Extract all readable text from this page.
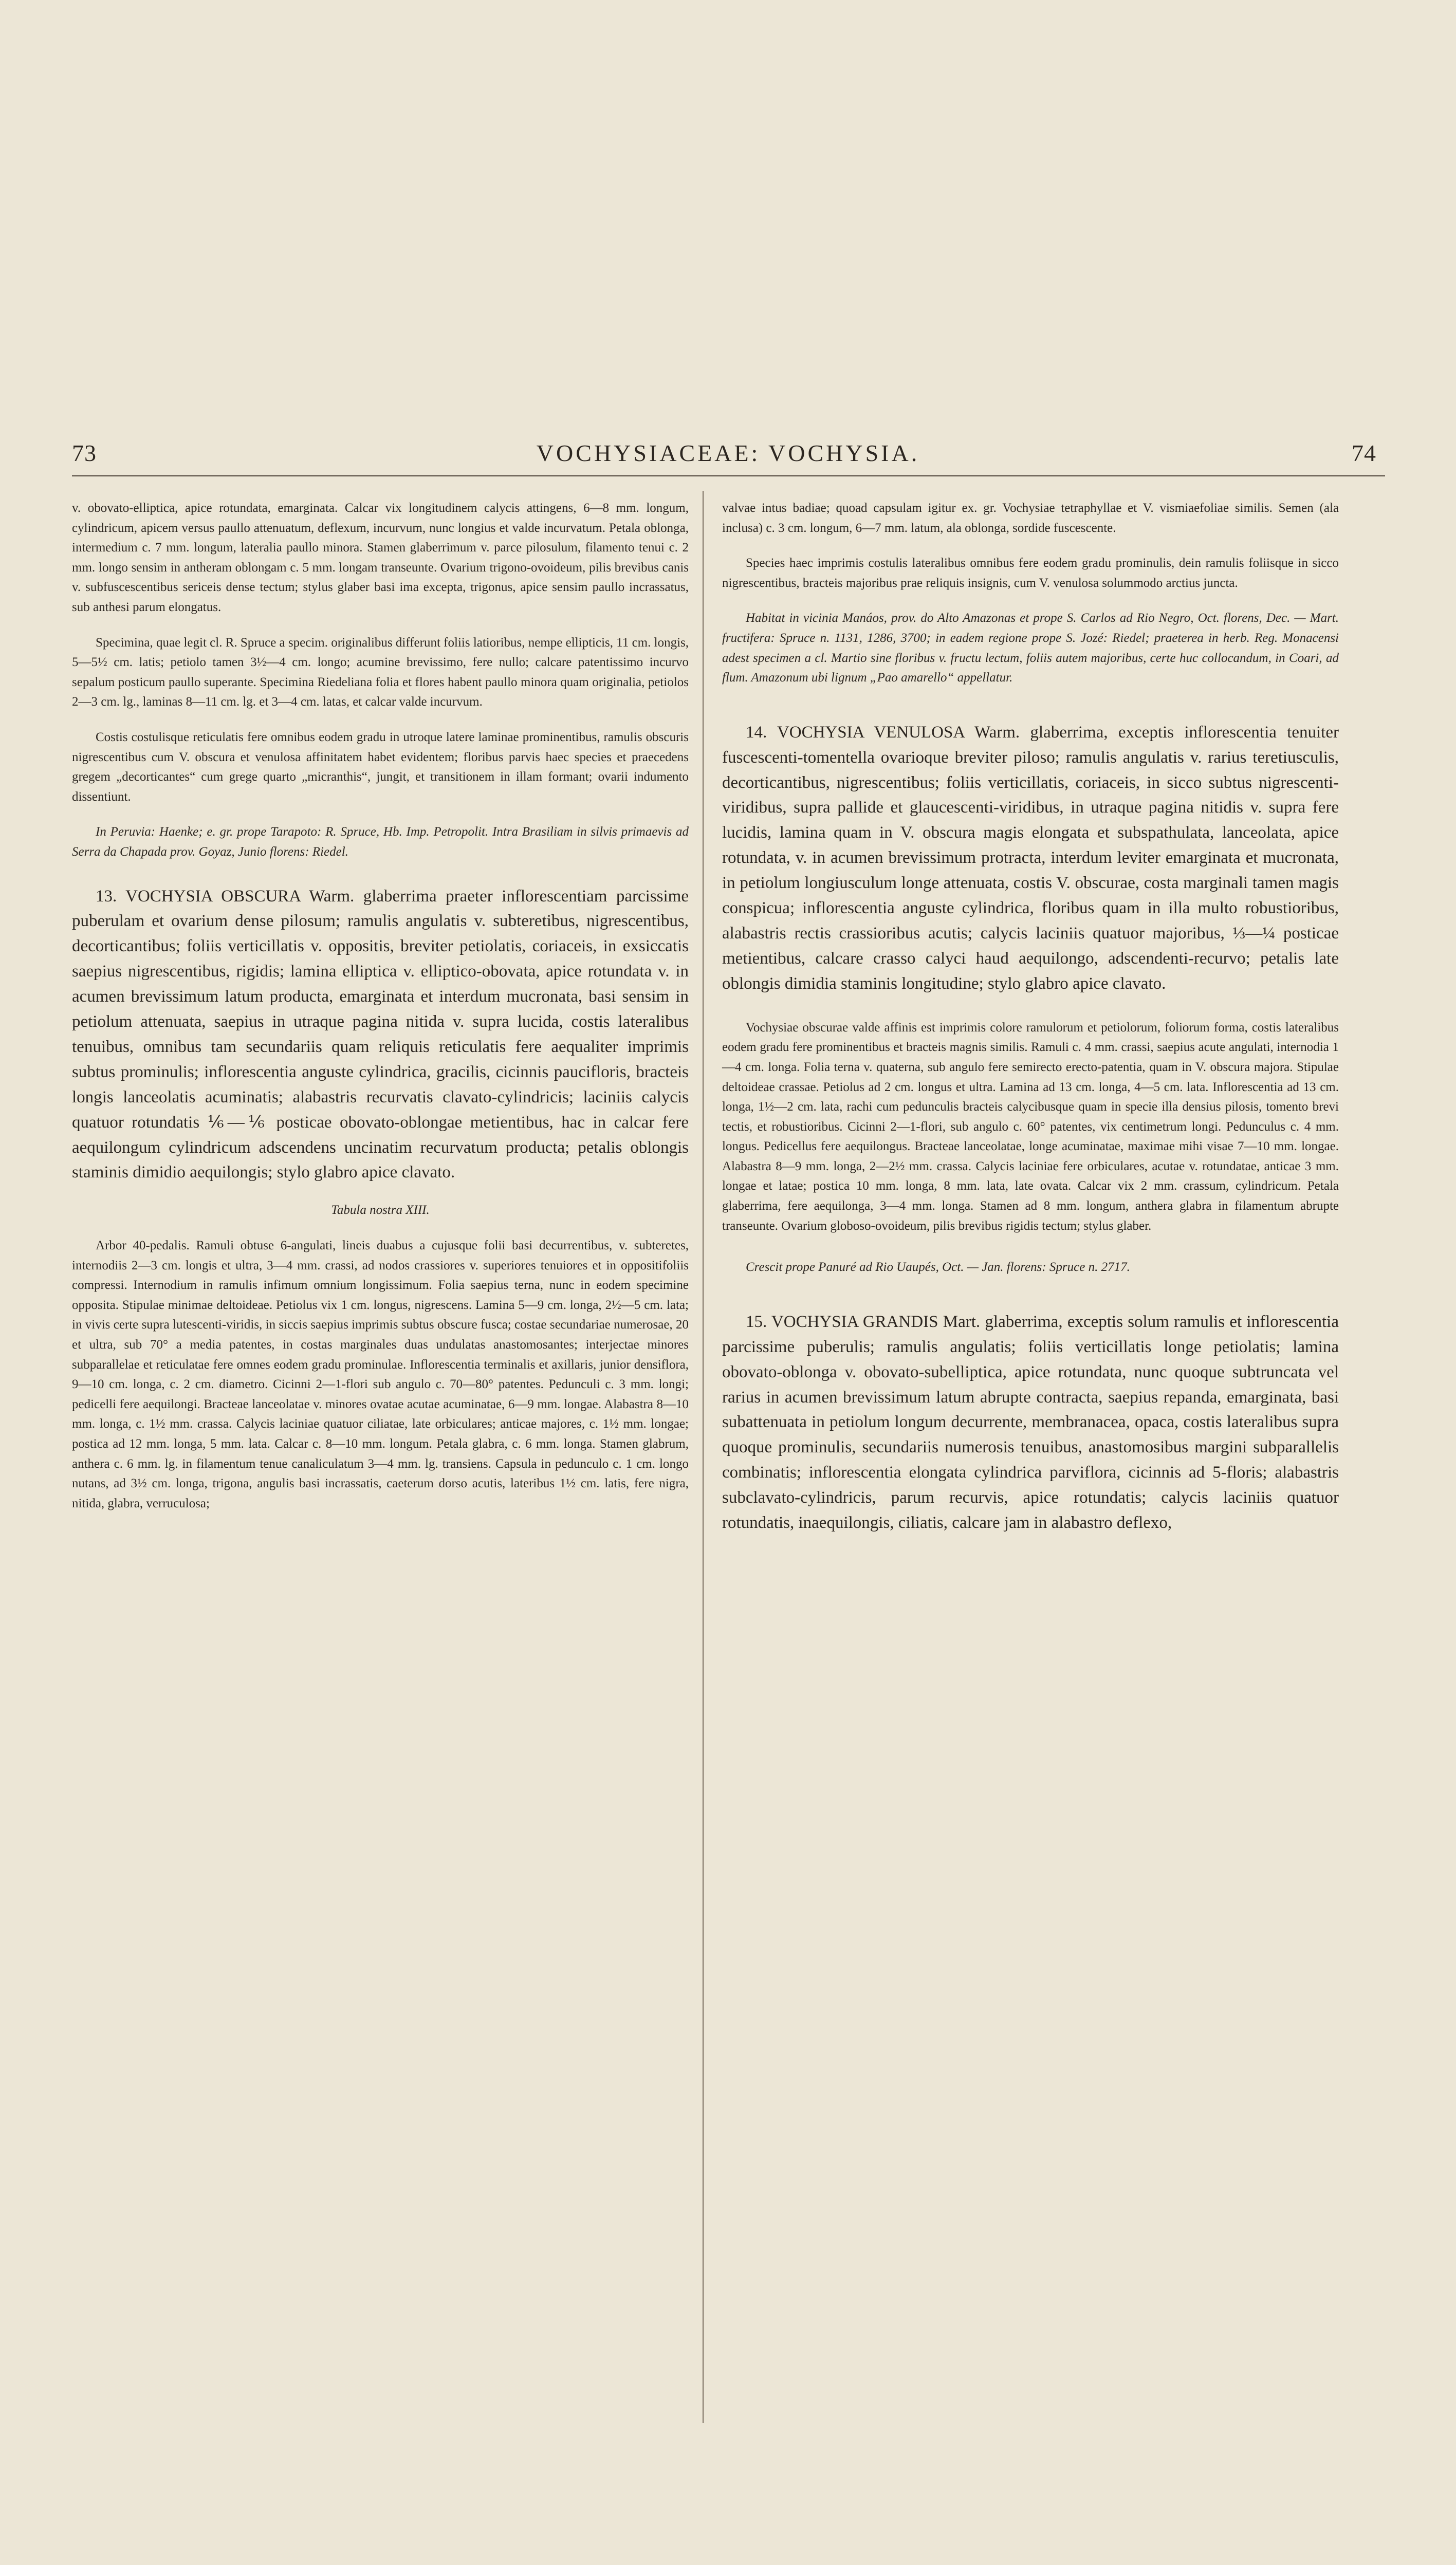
73	VOCHYSIACEAE: VOCHYSIA.	74

v. obovato-elliptica, apice rotundata, emarginata. Calcar vix longitudinem calycis attingens, 6—8 mm. longum, cylindricum, apicem versus paullo attenuatum, deflexum, incurvum, nunc longius et valde incurvatum. Petala oblonga, intermedium c. 7 mm. longum, lateralia paullo minora. Stamen glaberrimum v. parce pilosulum, filamento tenui c. 2 mm. longo sensim in antheram oblongam c. 5 mm. longam transeunte. Ovarium trigono-ovoideum, pilis brevibus canis v. subfuscescentibus sericeis dense tectum; stylus glaber basi ima excepta, trigonus, apice sensim paullo incrassatus, sub anthesi parum elongatus.

Specimina, quae legit cl. R. Spruce a specim. originalibus differunt foliis latioribus, nempe ellipticis, 11 cm. longis, 5—5½ cm. latis; petiolo tamen 3½—4 cm. longo; acumine brevissimo, fere nullo; calcare patentissimo incurvo sepalum posticum paullo superante. Specimina Riedeliana folia et flores habent paullo minora quam originalia, petiolos 2—3 cm. lg., laminas 8—11 cm. lg. et 3—4 cm. latas, et calcar valde incurvum.

Costis costulisque reticulatis fere omnibus eodem gradu in utroque latere laminae prominentibus, ramulis obscuris nigrescentibus cum V. obscura et venulosa affinitatem habet evidentem; floribus parvis haec species et praecedens gregem „decorticantes“ cum grege quarto „micranthis“, jungit, et transitionem in illam formant; ovarii indumento dissentiunt.

In Peruvia: Haenke; e. gr. prope Tarapoto: R. Spruce, Hb. Imp. Petropolit. Intra Brasiliam in silvis primaevis ad Serra da Chapada prov. Goyaz, Junio florens: Riedel.

13. VOCHYSIA OBSCURA Warm. glaberrima praeter inflorescentiam parcissime puberulam et ovarium dense pilosum; ramulis angulatis v. subteretibus, nigrescentibus, decorticantibus; foliis verticillatis v. oppositis, breviter petiolatis, coriaceis, in exsiccatis saepius nigrescentibus, rigidis; lamina elliptica v. elliptico-obovata, apice rotundata v. in acumen brevissimum latum producta, emarginata et interdum mucronata, basi sensim in petiolum attenuata, saepius in utraque pagina nitida v. supra lucida, costis lateralibus tenuibus, omnibus tam secundariis quam reliquis reticulatis fere aequaliter imprimis subtus prominulis; inflorescentia anguste cylindrica, gracilis, cicinnis paucifloris, bracteis longis lanceolatis acuminatis; alabastris recurvatis clavato-cylindricis; laciniis calycis quatuor rotundatis ⅙—⅙ posticae obovato-oblongae metientibus, hac in calcar fere aequilongum cylindricum adscendens uncinatim recurvatum producta; petalis oblongis staminis dimidio aequilongis; stylo glabro apice clavato.

Tabula nostra XIII.

Arbor 40-pedalis. Ramuli obtuse 6-angulati, lineis duabus a cujusque folii basi decurrentibus, v. subteretes, internodiis 2—3 cm. longis et ultra, 3—4 mm. crassi, ad nodos crassiores v. superiores tenuiores et in oppositifoliis compressi. Internodium in ramulis infimum omnium longissimum. Folia saepius terna, nunc in eodem specimine opposita. Stipulae minimae deltoideae. Petiolus vix 1 cm. longus, nigrescens. Lamina 5—9 cm. longa, 2½—5 cm. lata; in vivis certe supra lutescenti-viridis, in siccis saepius imprimis subtus obscure fusca; costae secundariae numerosae, 20 et ultra, sub 70° a media patentes, in costas marginales duas undulatas anastomosantes; interjectae minores subparallelae et reticulatae fere omnes eodem gradu prominulae. Inflorescentia terminalis et axillaris, junior densiflora, 9—10 cm. longa, c. 2 cm. diametro. Cicinni 2—1-flori sub angulo c. 70—80° patentes. Pedunculi c. 3 mm. longi; pedicelli fere aequilongi. Bracteae lanceolatae v. minores ovatae acutae acuminatae, 6—9 mm. longae. Alabastra 8—10 mm. longa, c. 1½ mm. crassa. Calycis laciniae quatuor ciliatae, late orbiculares; anticae majores, c. 1½ mm. longae; postica ad 12 mm. longa, 5 mm. lata. Calcar c. 8—10 mm. longum. Petala glabra, c. 6 mm. longa. Stamen glabrum, anthera c. 6 mm. lg. in filamentum tenue canaliculatum 3—4 mm. lg. transiens. Capsula in pedunculo c. 1 cm. longo nutans, ad 3½ cm. longa, trigona, angulis basi incrassatis, caeterum dorso acutis, lateribus 1½ cm. latis, fere nigra, nitida, glabra, verruculosa;

valvae intus badiae; quoad capsulam igitur ex. gr. Vochysiae tetraphyllae et V. vismiaefoliae similis. Semen (ala inclusa) c. 3 cm. longum, 6—7 mm. latum, ala oblonga, sordide fuscescente.

Species haec imprimis costulis lateralibus omnibus fere eodem gradu prominulis, dein ramulis foliisque in sicco nigrescentibus, bracteis majoribus prae reliquis insignis, cum V. venulosa solummodo arctius juncta.

Habitat in vicinia Manáos, prov. do Alto Amazonas et prope S. Carlos ad Rio Negro, Oct. florens, Dec. — Mart. fructifera: Spruce n. 1131, 1286, 3700; in eadem regione prope S. Jozé: Riedel; praeterea in herb. Reg. Monacensi adest specimen a cl. Martio sine floribus v. fructu lectum, foliis autem majoribus, certe huc collocandum, in Coari, ad flum. Amazonum ubi lignum „Pao amarello“ appellatur.

14. VOCHYSIA VENULOSA Warm. glaberrima, exceptis inflorescentia tenuiter fuscescenti-tomentella ovarioque breviter piloso; ramulis angulatis v. rarius teretiusculis, decorticantibus, nigrescentibus; foliis verticillatis, coriaceis, in sicco subtus nigrescenti-viridibus, supra pallide et glaucescenti-viridibus, in utraque pagina nitidis v. supra fere lucidis, lamina quam in V. obscura magis elongata et subspathulata, lanceolata, apice rotundata, v. in acumen brevissimum protracta, interdum leviter emarginata et mucronata, in petiolum longiusculum longe attenuata, costis V. obscurae, costa marginali tamen magis conspicua; inflorescentia anguste cylindrica, floribus quam in illa multo robustioribus, alabastris rectis crassioribus acutis; calycis laciniis quatuor majoribus, ⅓—¼ posticae metientibus, calcare crasso calyci haud aequilongo, adscendenti-recurvo; petalis late oblongis dimidia staminis longitudine; stylo glabro apice clavato.

Vochysiae obscurae valde affinis est imprimis colore ramulorum et petiolorum, foliorum forma, costis lateralibus eodem gradu fere prominentibus et bracteis magnis similis. Ramuli c. 4 mm. crassi, saepius acute angulati, internodia 1—4 cm. longa. Folia terna v. quaterna, sub angulo fere semirecto erecto-patentia, quam in V. obscura majora. Stipulae deltoideae crassae. Petiolus ad 2 cm. longus et ultra. Lamina ad 13 cm. longa, 4—5 cm. lata. Inflorescentia ad 13 cm. longa, 1½—2 cm. lata, rachi cum pedunculis bracteis calycibusque quam in specie illa densius pilosis, tomento brevi tectis, et robustioribus. Cicinni 2—1-flori, sub angulo c. 60° patentes, vix centimetrum longi. Pedunculus c. 4 mm. longus. Pedicellus fere aequilongus. Bracteae lanceolatae, longe acuminatae, maximae mihi visae 7—10 mm. longae. Alabastra 8—9 mm. longa, 2—2½ mm. crassa. Calycis laciniae fere orbiculares, acutae v. rotundatae, anticae 3 mm. longae et latae; postica 10 mm. longa, 8 mm. lata, late ovata. Calcar vix 2 mm. crassum, cylindricum. Petala glaberrima, fere aequilonga, 3—4 mm. longa. Stamen ad 8 mm. longum, anthera glabra in filamentum abrupte transeunte. Ovarium globoso-ovoideum, pilis brevibus rigidis tectum; stylus glaber.

Crescit prope Panuré ad Rio Uaupés, Oct. — Jan. florens: Spruce n. 2717.

15. VOCHYSIA GRANDIS Mart. glaberrima, exceptis solum ramulis et inflorescentia parcissime puberulis; ramulis angulatis; foliis verticillatis longe petiolatis; lamina obovato-oblonga v. obovato-subelliptica, apice rotundata, nunc quoque subtruncata vel rarius in acumen brevissimum latum abrupte contracta, saepius repanda, emarginata, basi subattenuata in petiolum longum decurrente, membranacea, opaca, costis lateralibus supra quoque prominulis, secundariis numerosis tenuibus, anastomosibus margini subparallelis combinatis; inflorescentia elongata cylindrica parviflora, cicinnis ad 5-floris; alabastris subclavato-cylindricis, parum recurvis, apice rotundatis; calycis laciniis quatuor rotundatis, inaequilongis, ciliatis, calcare jam in alabastro deflexo,
